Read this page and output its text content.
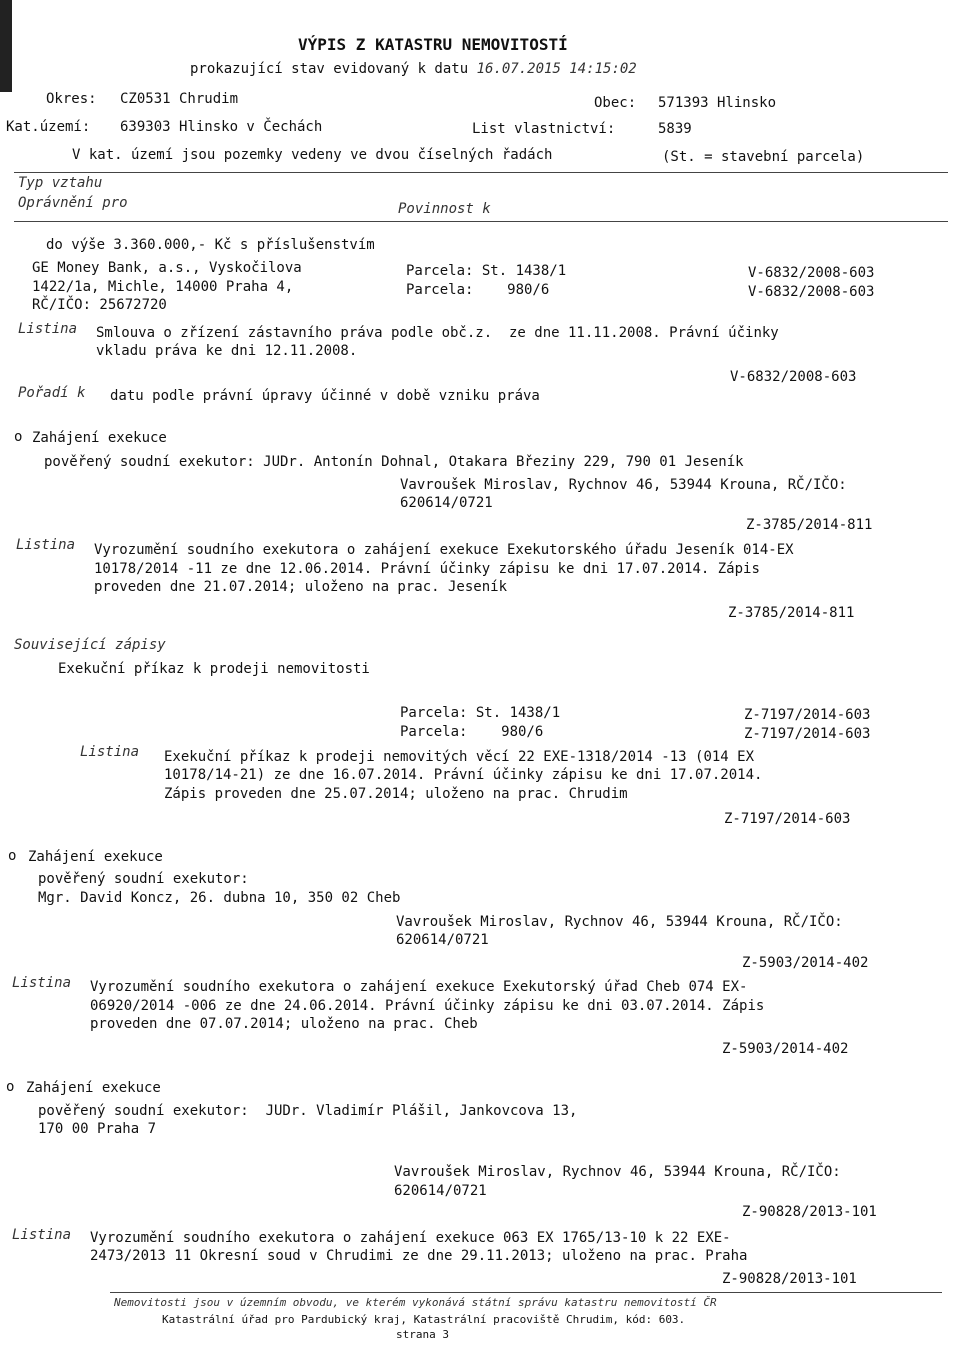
VÝPIS Z KATASTRU NEMOVITOSTÍ
prokazující stav evidovaný k datu 16.07.2015 14:15:02
Okres: CZ0531 Chrudim	Obec: 571393 Hlinsko
Kat.území: 639303 Hlinsko v Čechách	List vlastnictví:	5839
V kat. území jsou pozemky vedeny ve dvou číselných řadách	(St. = stavební parcela)
Typ vztahu
Oprávnění pro	Povinnost k
do výše 3.360.000,- Kč s příslušenstvím
GE Money Bank, a.s., Vyskočilova
1422/1a, Michle, 14000 Praha 4,
RČ/IČO: 25672720
Parcela: St. 1438/1
Parcela:    980/6
V-6832/2008-603
V-6832/2008-603
Listina Smlouva o zřízení zástavního práva podle obč.z.  ze dne 11.11.2008. Právní účinky
vkladu práva ke dni 12.11.2008.
V-6832/2008-603
Pořadí k datu podle právní úpravy účinné v době vzniku práva
o Zahájení exekuce
pověřený soudní exekutor: JUDr. Antonín Dohnal, Otakara Březiny 229, 790 01 Jeseník
Vavroušek Miroslav, Rychnov 46, 53944 Krouna, RČ/IČO:
620614/0721
Z-3785/2014-811
Listina Vyrozumění soudního exekutora o zahájení exekuce Exekutorského úřadu Jeseník 014-EX
10178/2014 -11 ze dne 12.06.2014. Právní účinky zápisu ke dni 17.07.2014. Zápis
proveden dne 21.07.2014; uloženo na prac. Jeseník
Z-3785/2014-811
Související zápisy
Exekuční příkaz k prodeji nemovitosti
Parcela: St. 1438/1
Parcela:    980/6
Z-7197/2014-603
Z-7197/2014-603
Listina Exekuční příkaz k prodeji nemovitých věcí 22 EXE-1318/2014 -13 (014 EX
10178/14-21) ze dne 16.07.2014. Právní účinky zápisu ke dni 17.07.2014.
Zápis proveden dne 25.07.2014; uloženo na prac. Chrudim
Z-7197/2014-603
o Zahájení exekuce
pověřený soudní exekutor:
Mgr. David Koncz, 26. dubna 10, 350 02 Cheb
Vavroušek Miroslav, Rychnov 46, 53944 Krouna, RČ/IČO:
620614/0721
Z-5903/2014-402
Listina Vyrozumění soudního exekutora o zahájení exekuce Exekutorský úřad Cheb 074 EX-
06920/2014 -006 ze dne 24.06.2014. Právní účinky zápisu ke dni 03.07.2014. Zápis
proveden dne 07.07.2014; uloženo na prac. Cheb
Z-5903/2014-402
o Zahájení exekuce
pověřený soudní exekutor:  JUDr. Vladimír Plášil, Jankovcova 13,
170 00 Praha 7
Vavroušek Miroslav, Rychnov 46, 53944 Krouna, RČ/IČO:
620614/0721
Z-90828/2013-101
Listina Vyrozumění soudního exekutora o zahájení exekuce 063 EX 1765/13-10 k 22 EXE-
2473/2013 11 Okresní soud v Chrudimi ze dne 29.11.2013; uloženo na prac. Praha
Z-90828/2013-101
Nemovitosti jsou v územním obvodu, ve kterém vykonává státní správu katastru nemovitostí ČR
Katastrální úřad pro Pardubický kraj, Katastrální pracoviště Chrudim, kód: 603.
strana 3
